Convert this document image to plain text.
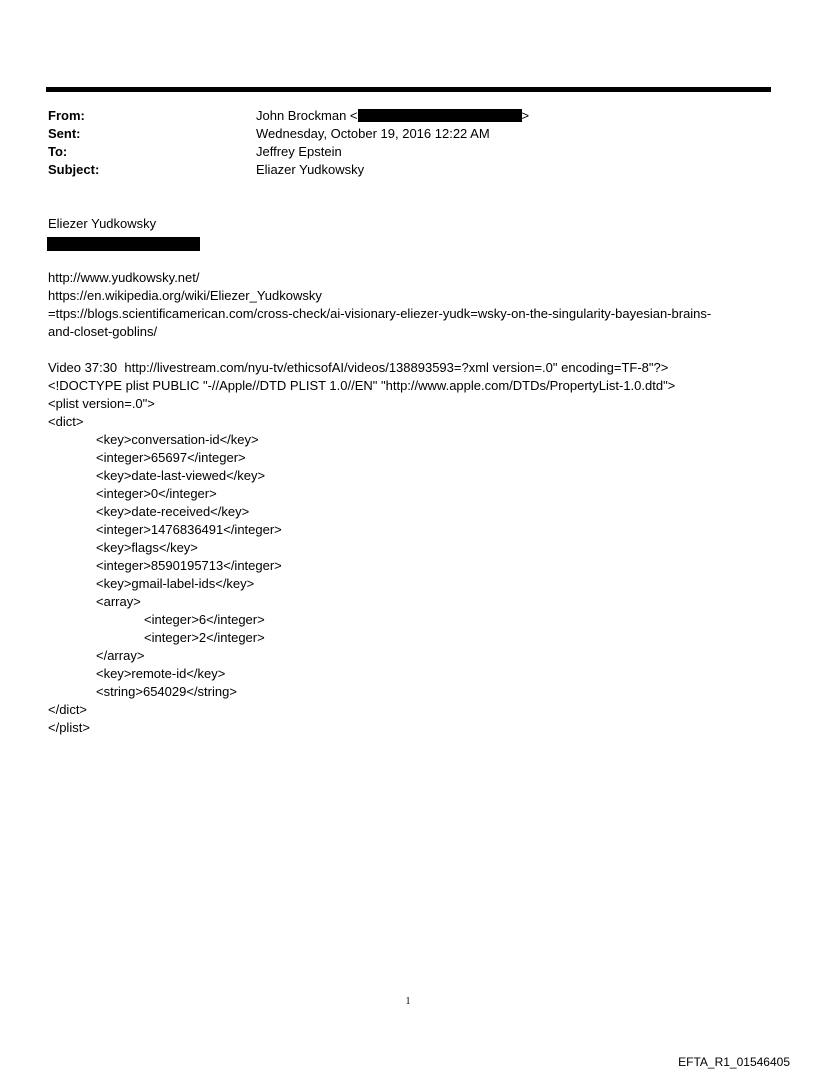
From:	John Brockman <	>
Sent:	Wednesday, October 19, 2016 12:22 AM
To:	Jeffrey Epstein
Subject:	Eliazer Yudkowsky
Eliezer Yudkowsky
http://www.yudkowsky.net/
https://en.wikipedia.org/wiki/Eliezer_Yudkowsky
=ttps://blogs.scientificamerican.com/cross-check/ai-visionary-eliezer-yudk=wsky-on-the-singularity-bayesian-brains-
and-closet-goblins/
Video 37:30  http://livestream.com/nyu-tv/ethicsofAI/videos/138893593=?xml version=.0" encoding=TF-8"?>
<!DOCTYPE plist PUBLIC "-//Apple//DTD PLIST 1.0//EN" "http://www.apple.com/DTDs/PropertyList-1.0.dtd">
<plist version=.0">
<dict>
<key>conversation-id</key>
<integer>65697</integer>
<key>date-last-viewed</key>
<integer>0</integer>
<key>date-received</key>
<integer>1476836491</integer>
<key>flags</key>
<integer>8590195713</integer>
<key>gmail-label-ids</key>
<array>
<integer>6</integer>
<integer>2</integer>
</array>
<key>remote-id</key>
<string>654029</string>
</dict>
</plist>
1
EFTA_R1_01546405
